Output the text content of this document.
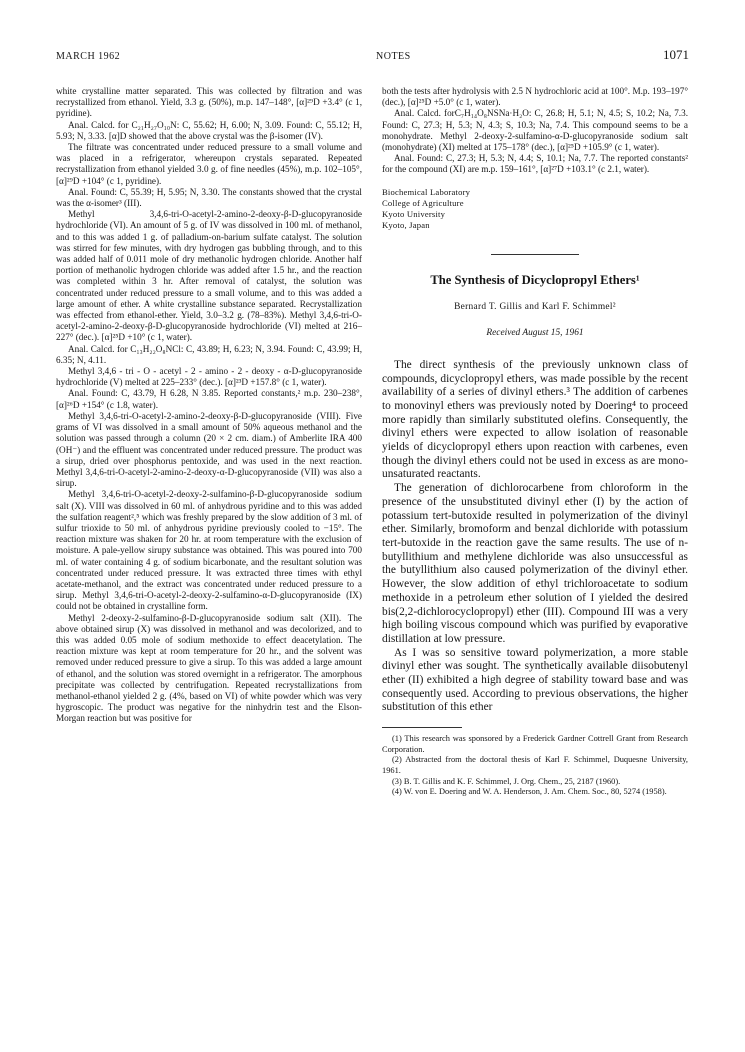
MARCH 1962	NOTES	1071

white crystalline matter separated. This was collected by filtration and was recrystallized from ethanol. Yield, 3.3 g. (50%), m.p. 147–148°, [α]²⁹D +3.4° (c 1, pyridine).

Anal. Calcd. for C₂₁H₂₇O₁₀N: C, 55.62; H, 6.00; N, 3.09. Found: C, 55.12; H, 5.93; N, 3.33. [α]D showed that the above crystal was the β-isomer (IV).

The filtrate was concentrated under reduced pressure to a small volume and was placed in a refrigerator, whereupon crystals separated. Repeated recrystallization from ethanol yielded 3.0 g. of fine needles (45%), m.p. 102–105°, [α]²⁹D +104° (c 1, pyridine).

Anal. Found: C, 55.39; H, 5.95; N, 3.30. The constants showed that the crystal was the α-isomer³ (III).

Methyl 3,4,6-tri-O-acetyl-2-amino-2-deoxy-β-D-glucopyranoside hydrochloride (VI). An amount of 5 g. of IV was dissolved in 100 ml. of methanol, and to this was added 1 g. of palladium-on-barium sulfate catalyst. The solution was stirred for few minutes, with dry hydrogen gas bubbling through, and to this was added half of 0.011 mole of dry methanolic hydrogen chloride. Another half portion of methanolic hydrogen chloride was added after 1.5 hr., and the reaction was completed within 3 hr. After removal of catalyst, the solution was concentrated under reduced pressure to a small volume, and to this was added a large amount of ether. A white crystalline substance separated. Recrystallization was effected from ethanol-ether. Yield, 3.0–3.2 g. (78–83%). Methyl 3,4,6-tri-O-acetyl-2-amino-2-deoxy-β-D-glucopyranoside hydrochloride (VI) melted at 216–227° (dec.). [α]²⁵D +10° (c 1, water).

Anal. Calcd. for C₁₃H₂₂O₈NCl: C, 43.89; H, 6.23; N, 3.94. Found: C, 43.99; H, 6.35; N, 4.11.

Methyl 3,4,6 - tri - O - acetyl - 2 - amino - 2 - deoxy - α-D-glucopyranoside hydrochloride (V) melted at 225–233° (dec.). [α]²³D +157.8° (c 1, water).

Anal. Found: C, 43.79, H 6.28, N 3.85. Reported constants,² m.p. 230–238°, [α]²⁶D +154° (c 1.8, water).

Methyl 3,4,6-tri-O-acetyl-2-amino-2-deoxy-β-D-glucopyranoside (VIII). Five grams of VI was dissolved in a small amount of 50% aqueous methanol and the solution was passed through a column (20 × 2 cm. diam.) of Amberlite IRA 400 (OH⁻) and the effluent was concentrated under reduced pressure. The product was a sirup, dried over phosphorus pentoxide, and was used in the next reaction. Methyl 3,4,6-tri-O-acetyl-2-amino-2-deoxy-α-D-glucopyranoside (VII) was also a sirup.

Methyl 3,4,6-tri-O-acetyl-2-deoxy-2-sulfamino-β-D-glucopyranoside sodium salt (X). VIII was dissolved in 60 ml. of anhydrous pyridine and to this was added the sulfation reagent²,⁵ which was freshly prepared by the slow addition of 3 ml. of sulfur trioxide to 50 ml. of anhydrous pyridine previously cooled to −15°. The reaction mixture was shaken for 20 hr. at room temperature with the exclusion of moisture. A pale-yellow sirupy substance was obtained. This was poured into 700 ml. of water containing 4 g. of sodium bicarbonate, and the resultant solution was concentrated under reduced pressure. It was extracted three times with ethyl acetate-methanol, and the extract was concentrated under reduced pressure to a sirup. Methyl 3,4,6-tri-O-acetyl-2-deoxy-2-sulfamino-α-D-glucopyranoside (IX) could not be obtained in crystalline form.

Methyl 2-deoxy-2-sulfamino-β-D-glucopyranoside sodium salt (XII). The above obtained sirup (X) was dissolved in methanol and was decolorized, and to this was added 0.05 mole of sodium methoxide to effect deacetylation. The reaction mixture was kept at room temperature for 20 hr., and the solvent was removed under reduced pressure to give a sirup. To this was added a large amount of ethanol, and the solution was stored overnight in a refrigerator. The amorphous precipitate was collected by centrifugation. Repeated recrystallizations from methanol-ethanol yielded 2 g. (4%, based on VI) of white powder which was very hygroscopic. The product was negative for the ninhydrin test and the Elson-Morgan reaction but was positive for

both the tests after hydrolysis with 2.5 N hydrochloric acid at 100°. M.p. 193–197° (dec.), [α]²⁵D +5.0° (c 1, water).

Anal. Calcd. forC₇H₁₄O₈NSNa·H₂O: C, 26.8; H, 5.1; N, 4.5; S, 10.2; Na, 7.3. Found: C, 27.3; H, 5.3; N, 4.3; S, 10.3; Na, 7.4. This compound seems to be a monohydrate. Methyl 2-deoxy-2-sulfamino-α-D-glucopyranoside sodium salt (monohydrate) (XI) melted at 175–178° (dec.), [α]²⁵D +105.9° (c 1, water).

Anal. Found: C, 27.3; H, 5.3; N, 4.4; S, 10.1; Na, 7.7. The reported constants² for the compound (XI) are m.p. 159–161°, [α]²⁷D +103.1° (c 2.1, water).

Biochemical Laboratory
College of Agriculture
Kyoto University
Kyoto, Japan
The Synthesis of Dicyclopropyl Ethers¹
Bernard T. Gillis and Karl F. Schimmel²
Received August 15, 1961

The direct synthesis of the previously unknown class of compounds, dicyclopropyl ethers, was made possible by the recent availability of a series of divinyl ethers.³ The addition of carbenes to monovinyl ethers was previously noted by Doering⁴ to proceed more rapidly than similarly substituted olefins. Consequently, the divinyl ethers were expected to allow isolation of reasonable yields of dicyclopropyl ethers upon reaction with carbenes, even though the divinyl ethers could not be used in excess as are mono-unsaturated reactants.

The generation of dichlorocarbene from chloroform in the presence of the unsubstituted divinyl ether (I) by the action of potassium tert-butoxide resulted in polymerization of the divinyl ether. Similarly, bromoform and benzal dichloride with potassium tert-butoxide in the reaction gave the same results. The use of n-butyllithium and methylene dichloride was also unsuccessful as the butyllithium also caused polymerization of the divinyl ether. However, the slow addition of ethyl trichloroacetate to sodium methoxide in a petroleum ether solution of I yielded the desired bis(2,2-dichlorocyclopropyl) ether (III). Compound III was a very high boiling viscous compound which was purified by evaporative distillation at low pressure.

As I was so sensitive toward polymerization, a more stable divinyl ether was sought. The synthetically available diisobutenyl ether (II) exhibited a high degree of stability toward base and was consequently used. According to previous observations, the higher substitution of this ether

(1) This research was sponsored by a Frederick Gardner Cottrell Grant from Research Corporation.

(2) Abstracted from the doctoral thesis of Karl F. Schimmel, Duquesne University, 1961.

(3) B. T. Gillis and K. F. Schimmel, J. Org. Chem., 25, 2187 (1960).

(4) W. von E. Doering and W. A. Henderson, J. Am. Chem. Soc., 80, 5274 (1958).
